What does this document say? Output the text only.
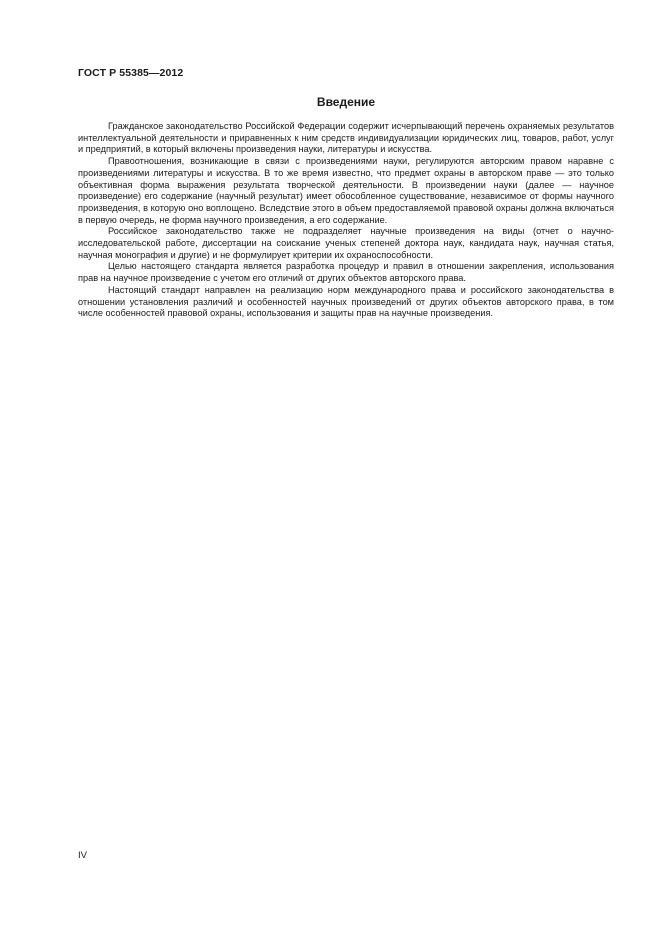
ГОСТ Р 55385—2012
Введение

Гражданское законодательство Российской Федерации содержит исчерпывающий перечень охраняемых результатов интеллектуальной деятельности и приравненных к ним средств индивидуализации юридических лиц, товаров, работ, услуг и предприятий, в который включены произведения науки, литературы и искусства.

Правоотношения, возникающие в связи с произведениями науки, регулируются авторским правом наравне с произведениями литературы и искусства. В то же время известно, что предмет охраны в авторском праве — это только объективная форма выражения результата творческой деятельности. В произведении науки (далее — научное произведение) его содержание (научный результат) имеет обособленное существование, независимое от формы научного произведения, в которую оно воплощено. Вследствие этого в объем предоставляемой правовой охраны должна включаться в первую очередь, не форма научного произведения, а его содержание.

Российское законодательство также не подразделяет научные произведения на виды (отчет о научно-исследовательской работе, диссертации на соискание ученых степеней доктора наук, кандидата наук, научная статья, научная монография и другие) и не формулирует критерии их охраноспособности.

Целью настоящего стандарта является разработка процедур и правил в отношении закрепления, использования прав на научное произведение с учетом его отличий от других объектов авторского права.

Настоящий стандарт направлен на реализацию норм международного права и российского законодательства в отношении установления различий и особенностей научных произведений от других объектов авторского права, в том числе особенностей правовой охраны, использования и защиты прав на научные произведения.

IV
